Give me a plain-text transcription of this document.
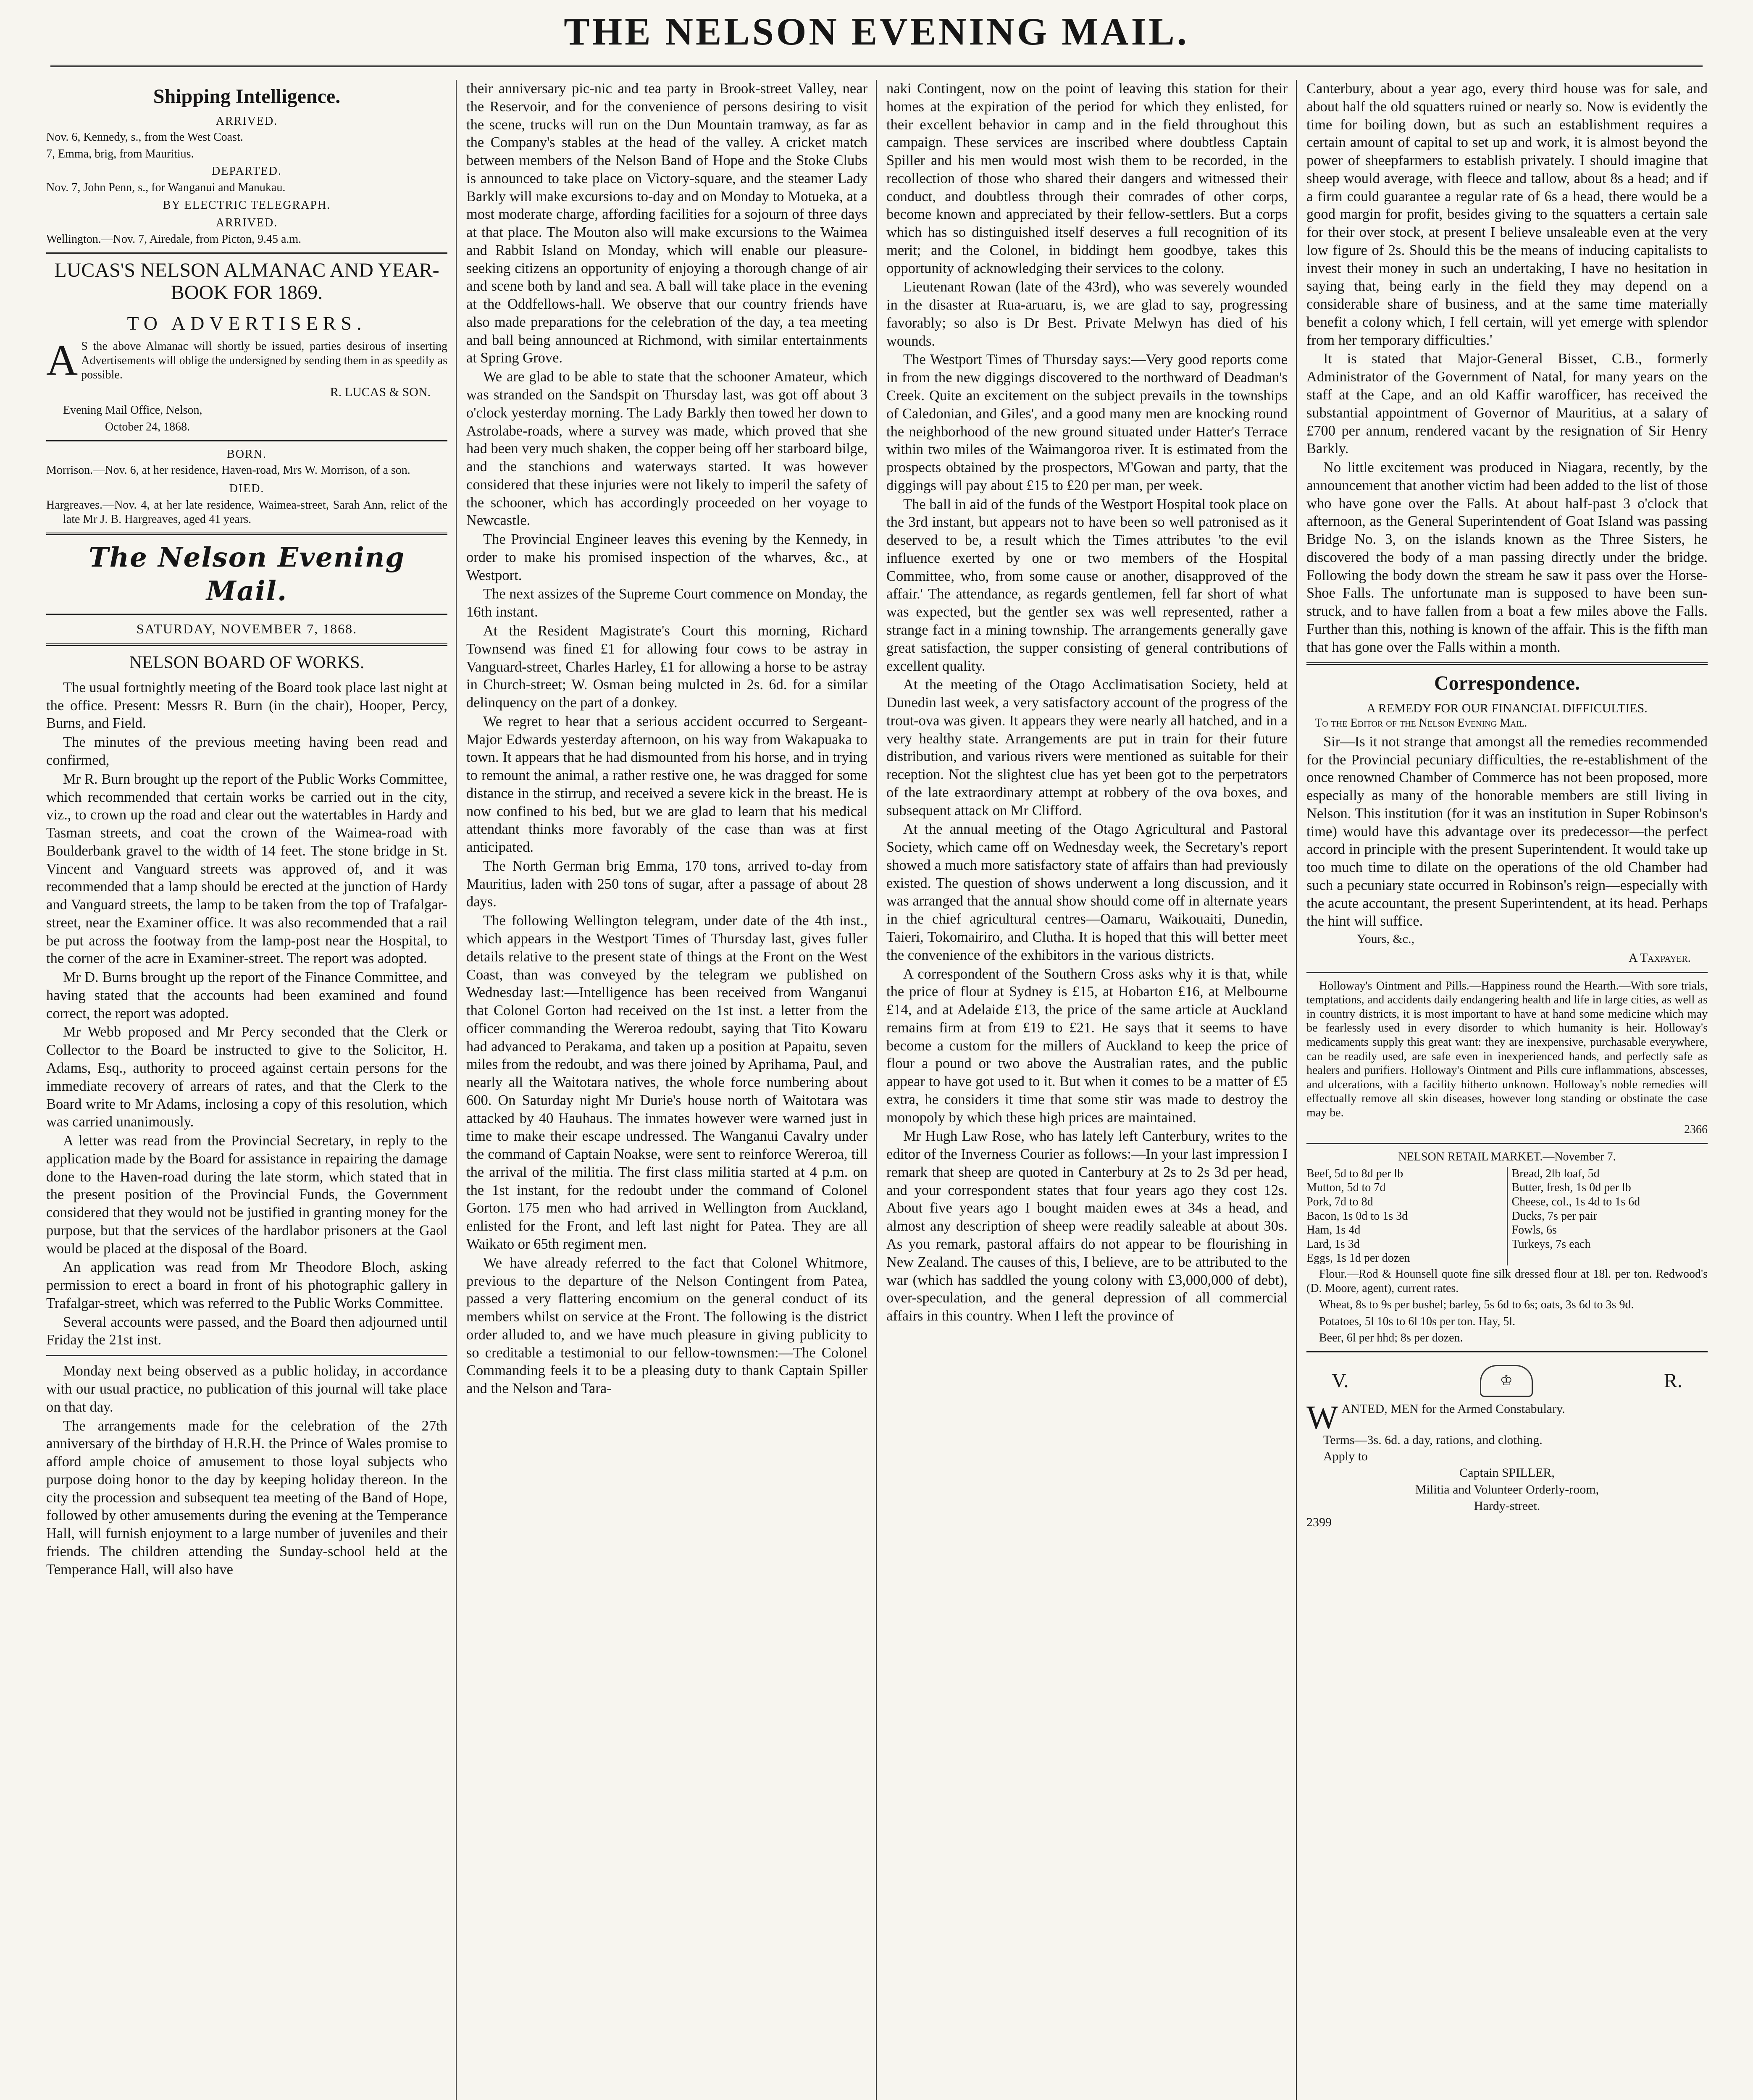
THE NELSON EVENING MAIL.
Shipping Intelligence.
ARRIVED.
Nov. 6, Kennedy, s., from the West Coast.
7, Emma, brig, from Mauritius.
DEPARTED.
Nov. 7, John Penn, s., for Wanganui and Manukau.
BY ELECTRIC TELEGRAPH.
ARRIVED.
Wellington.—Nov. 7, Airedale, from Picton, 9.45 a.m.
LUCAS'S NELSON ALMANAC AND YEAR-BOOK FOR 1869.
TO ADVERTISERS.
A S the above Almanac will shortly be issued, parties desirous of inserting Advertisements will oblige the undersigned by sending them in as speedily as possible.
R. LUCAS & SON.
Evening Mail Office, Nelson,
October 24, 1868.
BORN.
Morrison.—Nov. 6, at her residence, Haven-road, Mrs W. Morrison, of a son.
DIED.
Hargreaves.—Nov. 4, at her late residence, Waimea-street, Sarah Ann, relict of the late Mr J. B. Hargreaves, aged 41 years.
The Nelson Evening Mail.
SATURDAY, NOVEMBER 7, 1868.
NELSON BOARD OF WORKS.

The usual fortnightly meeting of the Board took place last night at the office. Present: Messrs R. Burn (in the chair), Hooper, Percy, Burns, and Field.

The minutes of the previous meeting having been read and confirmed,

Mr R. Burn brought up the report of the Public Works Committee, which recommended that certain works be carried out in the city, viz., to crown up the road and clear out the watertables in Hardy and Tasman streets, and coat the crown of the Waimea-road with Boulderbank gravel to the width of 14 feet. The stone bridge in St. Vincent and Vanguard streets was approved of, and it was recommended that a lamp should be erected at the junction of Hardy and Vanguard streets, the lamp to be taken from the top of Trafalgar-street, near the Examiner office. It was also recommended that a rail be put across the footway from the lamp-post near the Hospital, to the corner of the acre in Examiner-street. The report was adopted.

Mr D. Burns brought up the report of the Finance Committee, and having stated that the accounts had been examined and found correct, the report was adopted.

Mr Webb proposed and Mr Percy seconded that the Clerk or Collector to the Board be instructed to give to the Solicitor, H. Adams, Esq., authority to proceed against certain persons for the immediate recovery of arrears of rates, and that the Clerk to the Board write to Mr Adams, inclosing a copy of this resolution, which was carried unanimously.

A letter was read from the Provincial Secretary, in reply to the application made by the Board for assistance in repairing the damage done to the Haven-road during the late storm, which stated that in the present position of the Provincial Funds, the Government considered that they would not be justified in granting money for the purpose, but that the services of the hardlabor prisoners at the Gaol would be placed at the disposal of the Board.

An application was read from Mr Theodore Bloch, asking permission to erect a board in front of his photographic gallery in Trafalgar-street, which was referred to the Public Works Committee.

Several accounts were passed, and the Board then adjourned until Friday the 21st inst.

Monday next being observed as a public holiday, in accordance with our usual practice, no publication of this journal will take place on that day.

The arrangements made for the celebration of the 27th anniversary of the birthday of H.R.H. the Prince of Wales promise to afford ample choice of amusement to those loyal subjects who purpose doing honor to the day by keeping holiday thereon. In the city the procession and subsequent tea meeting of the Band of Hope, followed by other amusements during the evening at the Temperance Hall, will furnish enjoyment to a large number of juveniles and their friends. The children attending the Sunday-school held at the Temperance Hall, will also have

their anniversary pic-nic and tea party in Brook-street Valley, near the Reservoir, and for the convenience of persons desiring to visit the scene, trucks will run on the Dun Mountain tramway, as far as the Company's stables at the head of the valley. A cricket match between members of the Nelson Band of Hope and the Stoke Clubs is announced to take place on Victory-square, and the steamer Lady Barkly will make excursions to-day and on Monday to Motueka, at a most moderate charge, affording facilities for a sojourn of three days at that place. The Mouton also will make excursions to the Waimea and Rabbit Island on Monday, which will enable our pleasure-seeking citizens an opportunity of enjoying a thorough change of air and scene both by land and sea. A ball will take place in the evening at the Oddfellows-hall. We observe that our country friends have also made preparations for the celebration of the day, a tea meeting and ball being announced at Richmond, with similar entertainments at Spring Grove.

We are glad to be able to state that the schooner Amateur, which was stranded on the Sandspit on Thursday last, was got off about 3 o'clock yesterday morning. The Lady Barkly then towed her down to Astrolabe-roads, where a survey was made, which proved that she had been very much shaken, the copper being off her starboard bilge, and the stanchions and waterways started. It was however considered that these injuries were not likely to imperil the safety of the schooner, which has accordingly proceeded on her voyage to Newcastle.

The Provincial Engineer leaves this evening by the Kennedy, in order to make his promised inspection of the wharves, &c., at Westport.

The next assizes of the Supreme Court commence on Monday, the 16th instant.

At the Resident Magistrate's Court this morning, Richard Townsend was fined £1 for allowing four cows to be astray in Vanguard-street, Charles Harley, £1 for allowing a horse to be astray in Church-street; W. Osman being mulcted in 2s. 6d. for a similar delinquency on the part of a donkey.

We regret to hear that a serious accident occurred to Sergeant-Major Edwards yesterday afternoon, on his way from Wakapuaka to town. It appears that he had dismounted from his horse, and in trying to remount the animal, a rather restive one, he was dragged for some distance in the stirrup, and received a severe kick in the breast. He is now confined to his bed, but we are glad to learn that his medical attendant thinks more favorably of the case than was at first anticipated.

The North German brig Emma, 170 tons, arrived to-day from Mauritius, laden with 250 tons of sugar, after a passage of about 28 days.

The following Wellington telegram, under date of the 4th inst., which appears in the Westport Times of Thursday last, gives fuller details relative to the present state of things at the Front on the West Coast, than was conveyed by the telegram we published on Wednesday last:—Intelligence has been received from Wanganui that Colonel Gorton had received on the 1st inst. a letter from the officer commanding the Wereroa redoubt, saying that Tito Kowaru had advanced to Perakama, and taken up a position at Papaitu, seven miles from the redoubt, and was there joined by Aprihama, Paul, and nearly all the Waitotara natives, the whole force numbering about 600. On Saturday night Mr Durie's house north of Waitotara was attacked by 40 Hauhaus. The inmates however were warned just in time to make their escape undressed. The Wanganui Cavalry under the command of Captain Noakse, were sent to reinforce Wereroa, till the arrival of the militia. The first class militia started at 4 p.m. on the 1st instant, for the redoubt under the command of Colonel Gorton. 175 men who had arrived in Wellington from Auckland, enlisted for the Front, and left last night for Patea. They are all Waikato or 65th regiment men.

We have already referred to the fact that Colonel Whitmore, previous to the departure of the Nelson Contingent from Patea, passed a very flattering encomium on the general conduct of its members whilst on service at the Front. The following is the district order alluded to, and we have much pleasure in giving publicity to so creditable a testimonial to our fellow-townsmen:—The Colonel Commanding feels it to be a pleasing duty to thank Captain Spiller and the Nelson and Tara-

naki Contingent, now on the point of leaving this station for their homes at the expiration of the period for which they enlisted, for their excellent behavior in camp and in the field throughout this campaign. These services are inscribed where doubtless Captain Spiller and his men would most wish them to be recorded, in the recollection of those who shared their dangers and witnessed their conduct, and doubtless through their comrades of other corps, become known and appreciated by their fellow-settlers. But a corps which has so distinguished itself deserves a full recognition of its merit; and the Colonel, in biddingt hem goodbye, takes this opportunity of acknowledging their services to the colony.

Lieutenant Rowan (late of the 43rd), who was severely wounded in the disaster at Rua-aruaru, is, we are glad to say, progressing favorably; so also is Dr Best. Private Melwyn has died of his wounds.

The Westport Times of Thursday says:—Very good reports come in from the new diggings discovered to the northward of Deadman's Creek. Quite an excitement on the subject prevails in the townships of Caledonian, and Giles', and a good many men are knocking round the neighborhood of the new ground situated under Hatter's Terrace within two miles of the Waimangoroa river. It is estimated from the prospects obtained by the prospectors, M'Gowan and party, that the diggings will pay about £15 to £20 per man, per week.

The ball in aid of the funds of the Westport Hospital took place on the 3rd instant, but appears not to have been so well patronised as it deserved to be, a result which the Times attributes 'to the evil influence exerted by one or two members of the Hospital Committee, who, from some cause or another, disapproved of the affair.' The attendance, as regards gentlemen, fell far short of what was expected, but the gentler sex was well represented, rather a strange fact in a mining township. The arrangements generally gave great satisfaction, the supper consisting of general contributions of excellent quality.

At the meeting of the Otago Acclimatisation Society, held at Dunedin last week, a very satisfactory account of the progress of the trout-ova was given. It appears they were nearly all hatched, and in a very healthy state. Arrangements are put in train for their future distribution, and various rivers were mentioned as suitable for their reception. Not the slightest clue has yet been got to the perpetrators of the late extraordinary attempt at robbery of the ova boxes, and subsequent attack on Mr Clifford.

At the annual meeting of the Otago Agricultural and Pastoral Society, which came off on Wednesday week, the Secretary's report showed a much more satisfactory state of affairs than had previously existed. The question of shows underwent a long discussion, and it was arranged that the annual show should come off in alternate years in the chief agricultural centres—Oamaru, Waikouaiti, Dunedin, Taieri, Tokomairiro, and Clutha. It is hoped that this will better meet the convenience of the exhibitors in the various districts.

A correspondent of the Southern Cross asks why it is that, while the price of flour at Sydney is £15, at Hobarton £16, at Melbourne £14, and at Adelaide £13, the price of the same article at Auckland remains firm at from £19 to £21. He says that it seems to have become a custom for the millers of Auckland to keep the price of flour a pound or two above the Australian rates, and the public appear to have got used to it. But when it comes to be a matter of £5 extra, he considers it time that some stir was made to destroy the monopoly by which these high prices are maintained.

Mr Hugh Law Rose, who has lately left Canterbury, writes to the editor of the Inverness Courier as follows:—In your last impression I remark that sheep are quoted in Canterbury at 2s to 2s 3d per head, and your correspondent states that four years ago they cost 12s. About five years ago I bought maiden ewes at 34s a head, and almost any description of sheep were readily saleable at about 30s. As you remark, pastoral affairs do not appear to be flourishing in New Zealand. The causes of this, I believe, are to be attributed to the war (which has saddled the young colony with £3,000,000 of debt), over-speculation, and the general depression of all commercial affairs in this country. When I left the province of

Canterbury, about a year ago, every third house was for sale, and about half the old squatters ruined or nearly so. Now is evidently the time for boiling down, but as such an establishment requires a certain amount of capital to set up and work, it is almost beyond the power of sheepfarmers to establish privately. I should imagine that sheep would average, with fleece and tallow, about 8s a head; and if a firm could guarantee a regular rate of 6s a head, there would be a good margin for profit, besides giving to the squatters a certain sale for their over stock, at present I believe unsaleable even at the very low figure of 2s. Should this be the means of inducing capitalists to invest their money in such an undertaking, I have no hesitation in saying that, being early in the field they may depend on a considerable share of business, and at the same time materially benefit a colony which, I fell certain, will yet emerge with splendor from her temporary difficulties.'

It is stated that Major-General Bisset, C.B., formerly Administrator of the Government of Natal, for many years on the staff at the Cape, and an old Kaffir warofficer, has received the substantial appointment of Governor of Mauritius, at a salary of £700 per annum, rendered vacant by the resignation of Sir Henry Barkly.

No little excitement was produced in Niagara, recently, by the announcement that another victim had been added to the list of those who have gone over the Falls. At about half-past 3 o'clock that afternoon, as the General Superintendent of Goat Island was passing Bridge No. 3, on the islands known as the Three Sisters, he discovered the body of a man passing directly under the bridge. Following the body down the stream he saw it pass over the Horse-Shoe Falls. The unfortunate man is supposed to have been sun-struck, and to have fallen from a boat a few miles above the Falls. Further than this, nothing is known of the affair. This is the fifth man that has gone over the Falls within a month.

Correspondence.
A REMEDY FOR OUR FINANCIAL DIFFICULTIES.
To the Editor of the Nelson Evening Mail.

Sir—Is it not strange that amongst all the remedies recommended for the Provincial pecuniary difficulties, the re-establishment of the once renowned Chamber of Commerce has not been proposed, more especially as many of the honorable members are still living in Nelson. This institution (for it was an institution in Super Robinson's time) would have this advantage over its predecessor—the perfect accord in principle with the present Superintendent. It would take up too much time to dilate on the operations of the old Chamber had such a pecuniary state occurred in Robinson's reign—especially with the acute accountant, the present Superintendent, at its head. Perhaps the hint will suffice.

Yours, &c.,
A Taxpayer.
Holloway's Ointment and Pills.—Happiness round the Hearth.—With sore trials, temptations, and accidents daily endangering health and life in large cities, as well as in country districts, it is most important to have at hand some medicine which may be fearlessly used in every disorder to which humanity is heir. Holloway's medicaments supply this great want: they are inexpensive, purchasable everywhere, can be readily used, are safe even in inexperienced hands, and perfectly safe as healers and purifiers. Holloway's Ointment and Pills cure inflammations, abscesses, and ulcerations, with a facility hitherto unknown. Holloway's noble remedies will effectually remove all skin diseases, however long standing or obstinate the case may be.
2366
NELSON RETAIL MARKET.—November 7.
Beef, 5d to 8d per lb
Mutton, 5d to 7d
Pork, 7d to 8d
Bacon, 1s 0d to 1s 3d
Ham, 1s 4d
Lard, 1s 3d
Eggs, 1s 1d per dozen
Bread, 2lb loaf, 5d
Butter, fresh, 1s 0d per lb
Cheese, col., 1s 4d to 1s 6d
Ducks, 7s per pair
Fowls, 6s
Turkeys, 7s each
Flour.—Rod & Hounsell quote fine silk dressed flour at 18l. per ton. Redwood's (D. Moore, agent), current rates.
Wheat, 8s to 9s per bushel; barley, 5s 6d to 6s; oats, 3s 6d to 3s 9d.
Potatoes, 5l 10s to 6l 10s per ton. Hay, 5l.
Beer, 6l per hhd; 8s per dozen.
V.	♔	R.

WANTED, MEN for the Armed Constabulary.

Terms—3s. 6d. a day, rations, and clothing.

Apply to

Captain SPILLER,

Militia and Volunteer Orderly-room,

Hardy-street.

2399
